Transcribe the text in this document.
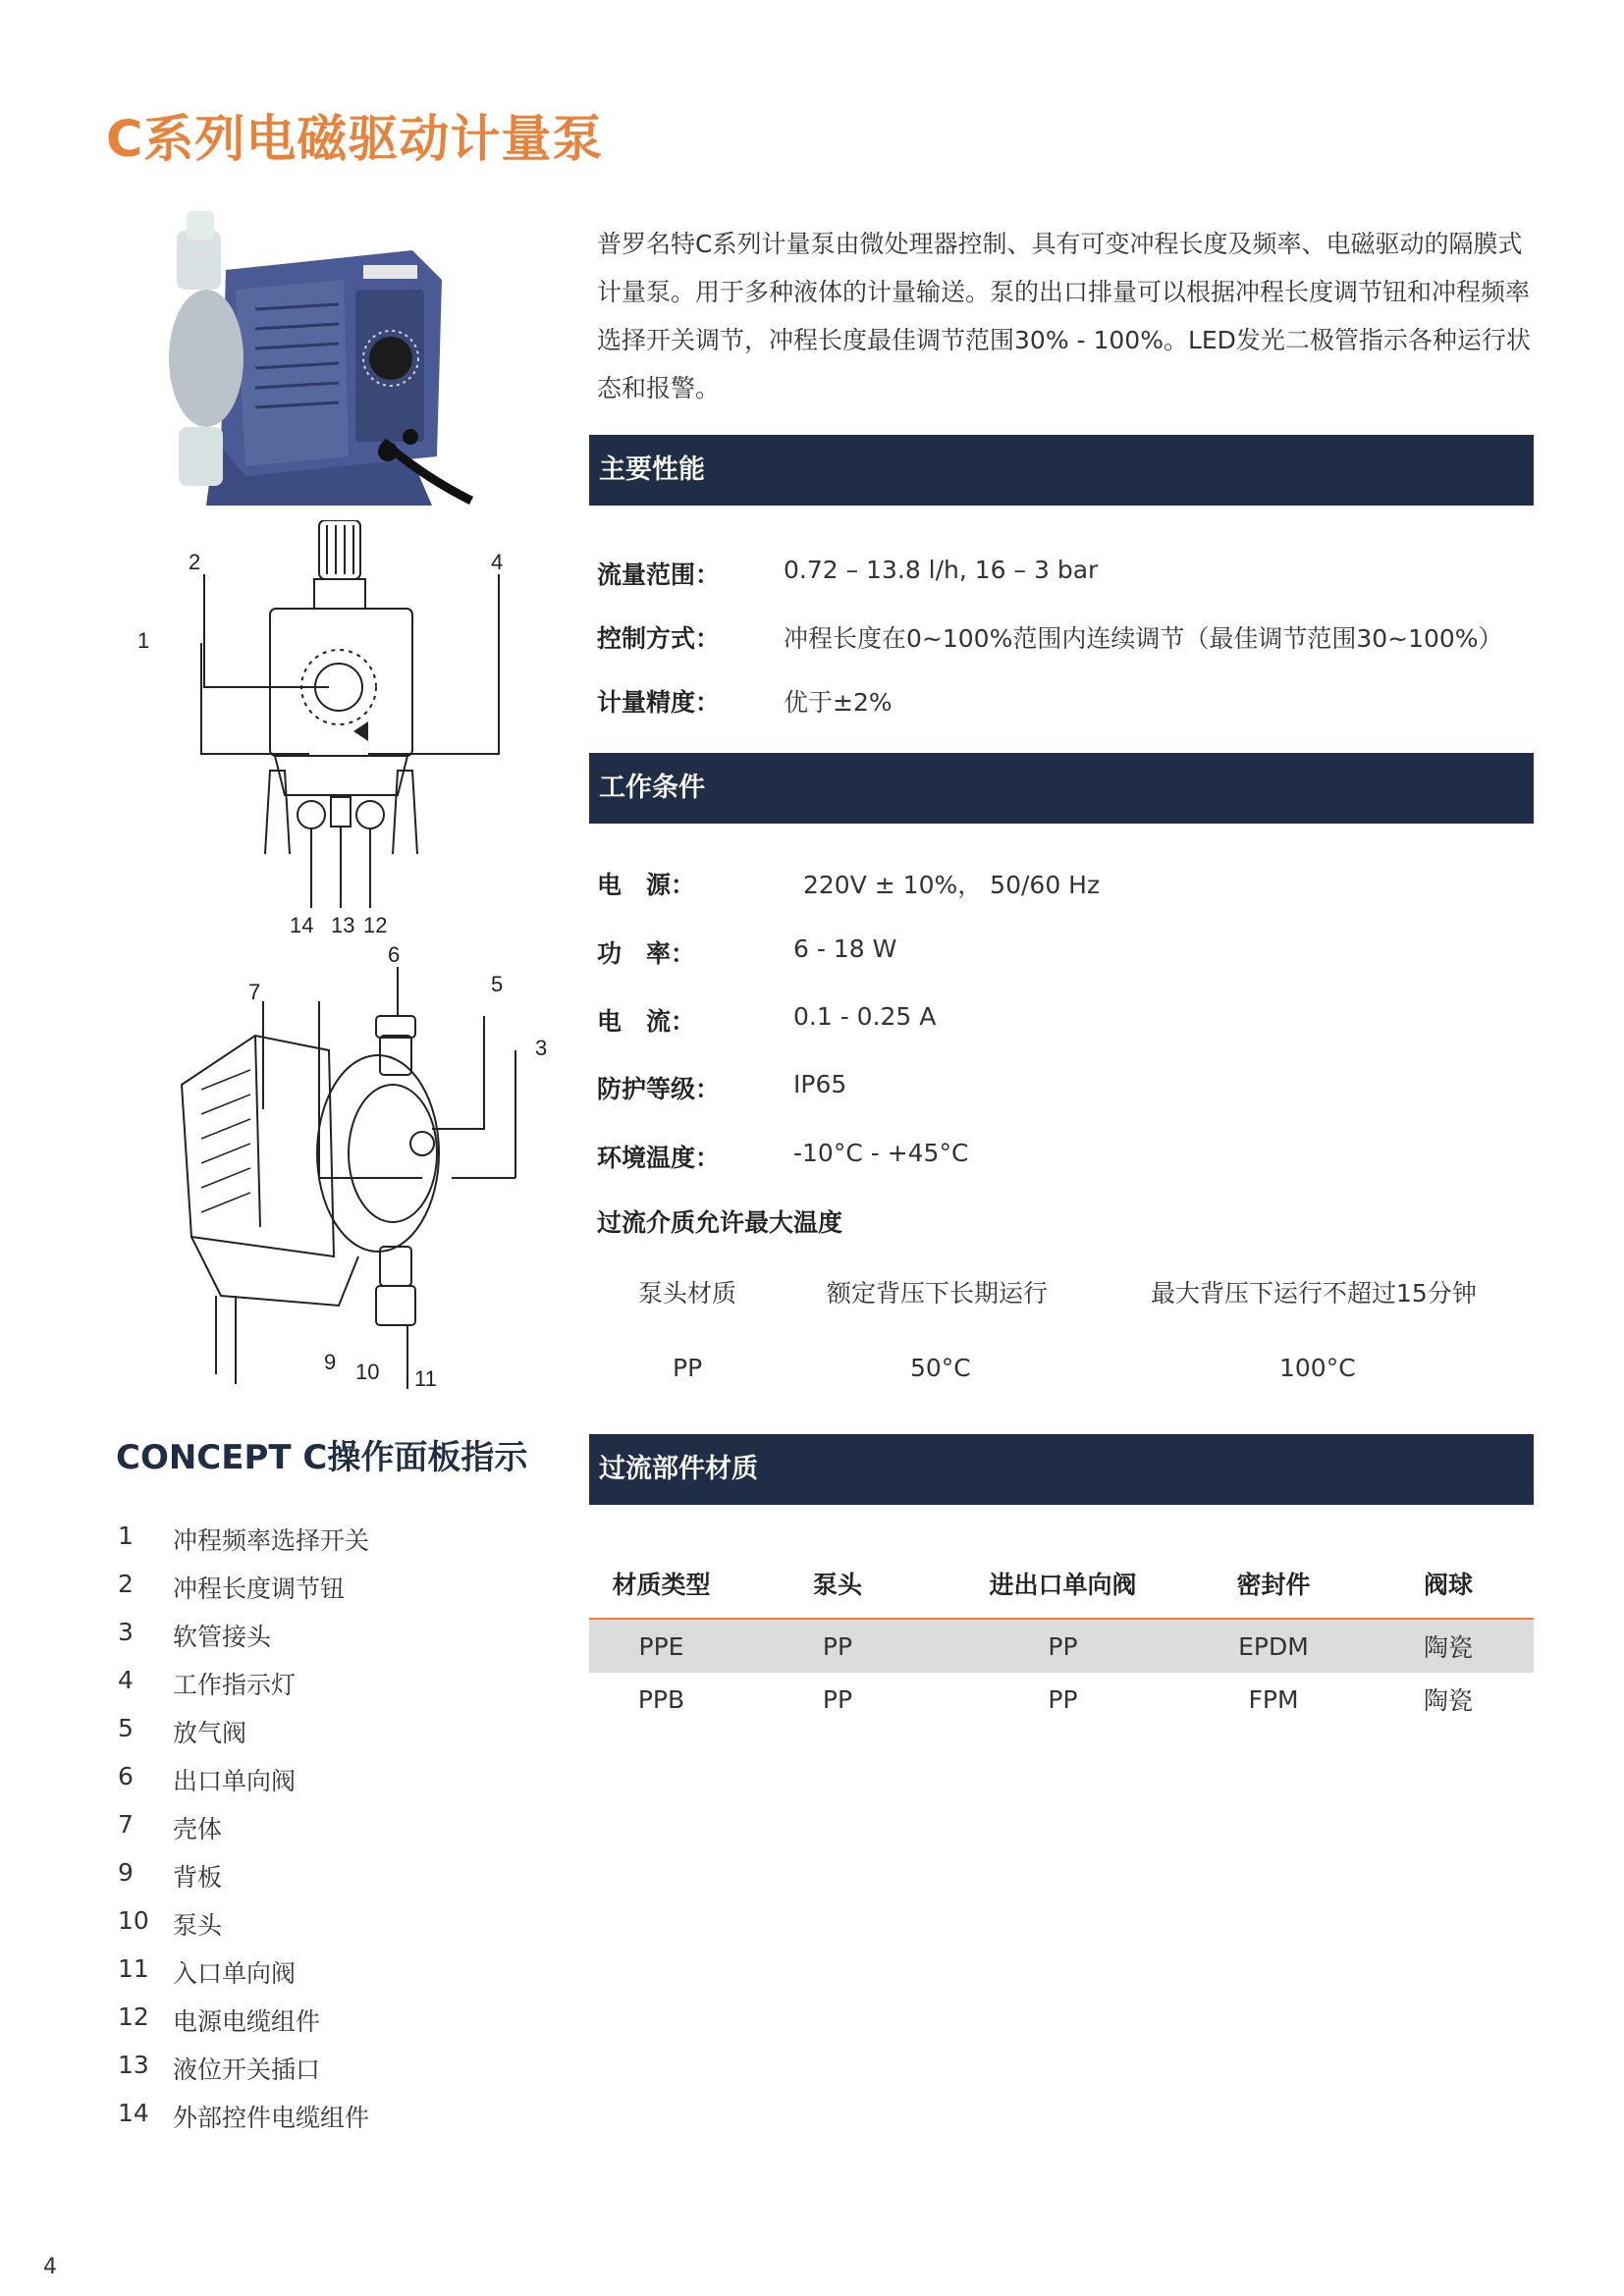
C系列电磁驱动计量泵
2	4
1
14 13 12
6
5
7
3
9 10 11
普罗名特C系列计量泵由微处理器控制、具有可变冲程长度及频率、电磁驱动的隔膜式计量泵。用于多种液体的计量输送。泵的出口排量可以根据冲程长度调节钮和冲程频率选择开关调节，冲程长度最佳调节范围30% - 100%。LED发光二极管指示各种运行状态和报警。
主要性能
流量范围：	0.72 – 13.8 l/h, 16 – 3 bar
控制方式：	冲程长度在0~100%范围内连续调节（最佳调节范围30~100%）
计量精度：	优于±2%
工作条件
电　源：	220V ± 10%， 50/60 Hz
功　率：	6 - 18 W
电　流：	0.1 - 0.25 A
防护等级：	IP65
环境温度：	-10°C - +45°C
过流介质允许最大温度
泵头材质	额定背压下长期运行	最大背压下运行不超过15分钟
PP	50°C	100°C
过流部件材质
材质类型	泵头	进出口单向阀	密封件	阀球
PPE	PP	PP	EPDM	陶瓷
PPB	PP	PP	FPM	陶瓷
CONCEPT C操作面板指示
1	冲程频率选择开关
2	冲程长度调节钮
3	软管接头
4	工作指示灯
5	放气阀
6	出口单向阀
7	壳体
9	背板
10 泵头
11 入口单向阀
12 电源电缆组件
13 液位开关插口
14 外部控件电缆组件
4
